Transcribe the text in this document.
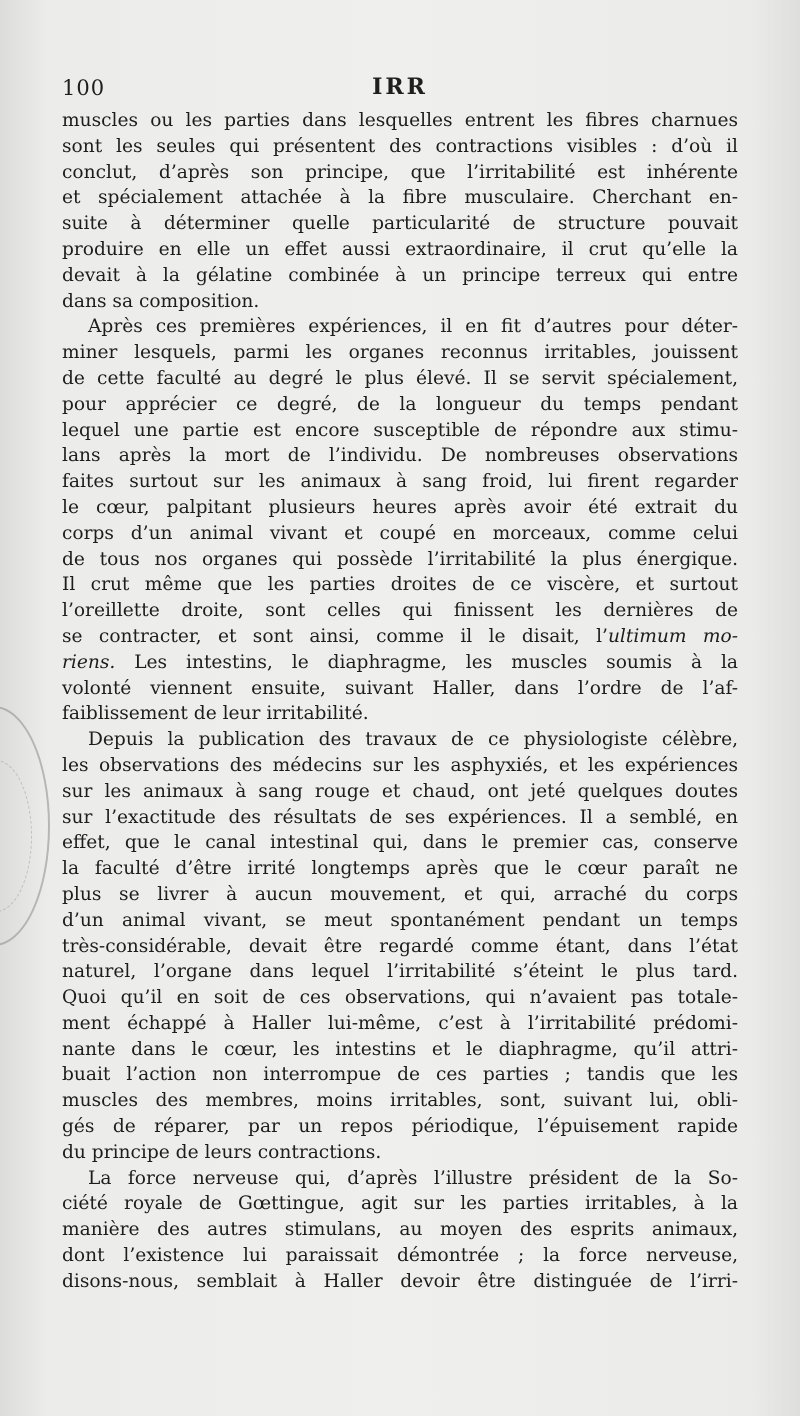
100	IRR

muscles ou les parties dans lesquelles entrent les fibres charnues
sont les seules qui présentent des contractions visibles : d’où il
conclut, d’après son principe, que l’irritabilité est inhérente
et spécialement attachée à la fibre musculaire. Cherchant en-
suite à déterminer quelle particularité de structure pouvait
produire en elle un effet aussi extraordinaire, il crut qu’elle la
devait à la gélatine combinée à un principe terreux qui entre
dans sa composition.

Après ces premières expériences, il en fit d’autres pour déter-
miner lesquels, parmi les organes reconnus irritables, jouissent
de cette faculté au degré le plus élevé. Il se servit spécialement,
pour apprécier ce degré, de la longueur du temps pendant
lequel une partie est encore susceptible de répondre aux stimu-
lans après la mort de l’individu. De nombreuses observations
faites surtout sur les animaux à sang froid, lui firent regarder
le cœur, palpitant plusieurs heures après avoir été extrait du
corps d’un animal vivant et coupé en morceaux, comme celui
de tous nos organes qui possède l’irritabilité la plus énergique.
Il crut même que les parties droites de ce viscère, et surtout
l’oreillette droite, sont celles qui finissent les dernières de
se contracter, et sont ainsi, comme il le disait, l’ultimum mo-
riens. Les intestins, le diaphragme, les muscles soumis à la
volonté viennent ensuite, suivant Haller, dans l’ordre de l’af-
faiblissement de leur irritabilité.

Depuis la publication des travaux de ce physiologiste célèbre,
les observations des médecins sur les asphyxiés, et les expériences
sur les animaux à sang rouge et chaud, ont jeté quelques doutes
sur l’exactitude des résultats de ses expériences. Il a semblé, en
effet, que le canal intestinal qui, dans le premier cas, conserve
la faculté d’être irrité longtemps après que le cœur paraît ne
plus se livrer à aucun mouvement, et qui, arraché du corps
d’un animal vivant, se meut spontanément pendant un temps
très-considérable, devait être regardé comme étant, dans l’état
naturel, l’organe dans lequel l’irritabilité s’éteint le plus tard.
Quoi qu’il en soit de ces observations, qui n’avaient pas totale-
ment échappé à Haller lui-même, c’est à l’irritabilité prédomi-
nante dans le cœur, les intestins et le diaphragme, qu’il attri-
buait l’action non interrompue de ces parties ; tandis que les
muscles des membres, moins irritables, sont, suivant lui, obli-
gés de réparer, par un repos périodique, l’épuisement rapide
du principe de leurs contractions.

La force nerveuse qui, d’après l’illustre président de la So-
ciété royale de Gœttingue, agit sur les parties irritables, à la
manière des autres stimulans, au moyen des esprits animaux,
dont l’existence lui paraissait démontrée ; la force nerveuse,
disons-nous, semblait à Haller devoir être distinguée de l’irri-
